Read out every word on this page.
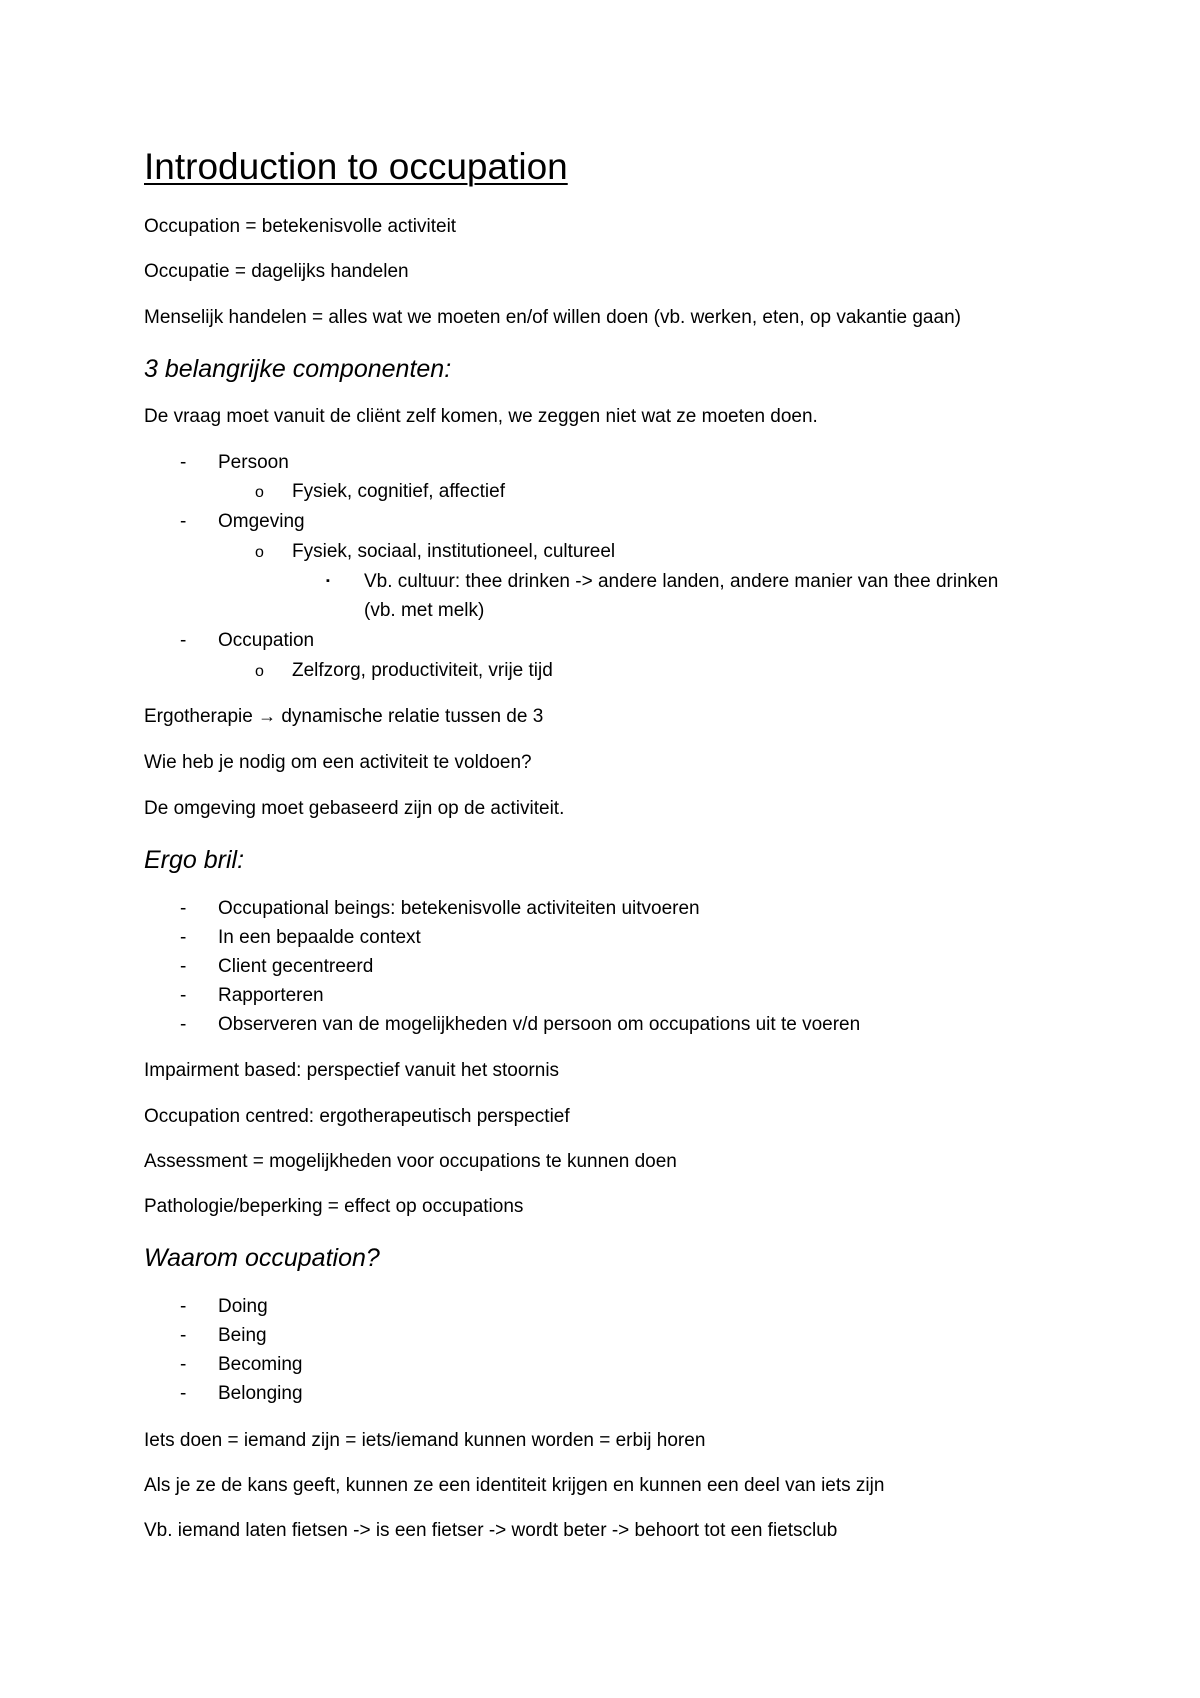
Introduction to occupation

Occupation = betekenisvolle activiteit

Occupatie = dagelijks handelen

Menselijk handelen = alles wat we moeten en/of willen doen (vb. werken, eten, op vakantie gaan)

3 belangrijke componenten:

De vraag moet vanuit de cliënt zelf komen, we zeggen niet wat ze moeten doen.

- Persoon
o Fysiek, cognitief, affectief
- Omgeving
o Fysiek, sociaal, institutioneel, cultureel
▪ Vb. cultuur: thee drinken -> andere landen, andere manier van thee drinken
(vb. met melk)
- Occupation
o Zelfzorg, productiviteit, vrije tijd

Ergotherapie → dynamische relatie tussen de 3

Wie heb je nodig om een activiteit te voldoen?

De omgeving moet gebaseerd zijn op de activiteit.

Ergo bril:
- Occupational beings: betekenisvolle activiteiten uitvoeren
- In een bepaalde context
- Client gecentreerd
- Rapporteren
- Observeren van de mogelijkheden v/d persoon om occupations uit te voeren

Impairment based: perspectief vanuit het stoornis

Occupation centred: ergotherapeutisch perspectief

Assessment = mogelijkheden voor occupations te kunnen doen

Pathologie/beperking = effect op occupations

Waarom occupation?
- Doing
- Being
- Becoming
- Belonging

Iets doen = iemand zijn = iets/iemand kunnen worden = erbij horen

Als je ze de kans geeft, kunnen ze een identiteit krijgen en kunnen een deel van iets zijn

Vb. iemand laten fietsen -> is een fietser -> wordt beter -> behoort tot een fietsclub
